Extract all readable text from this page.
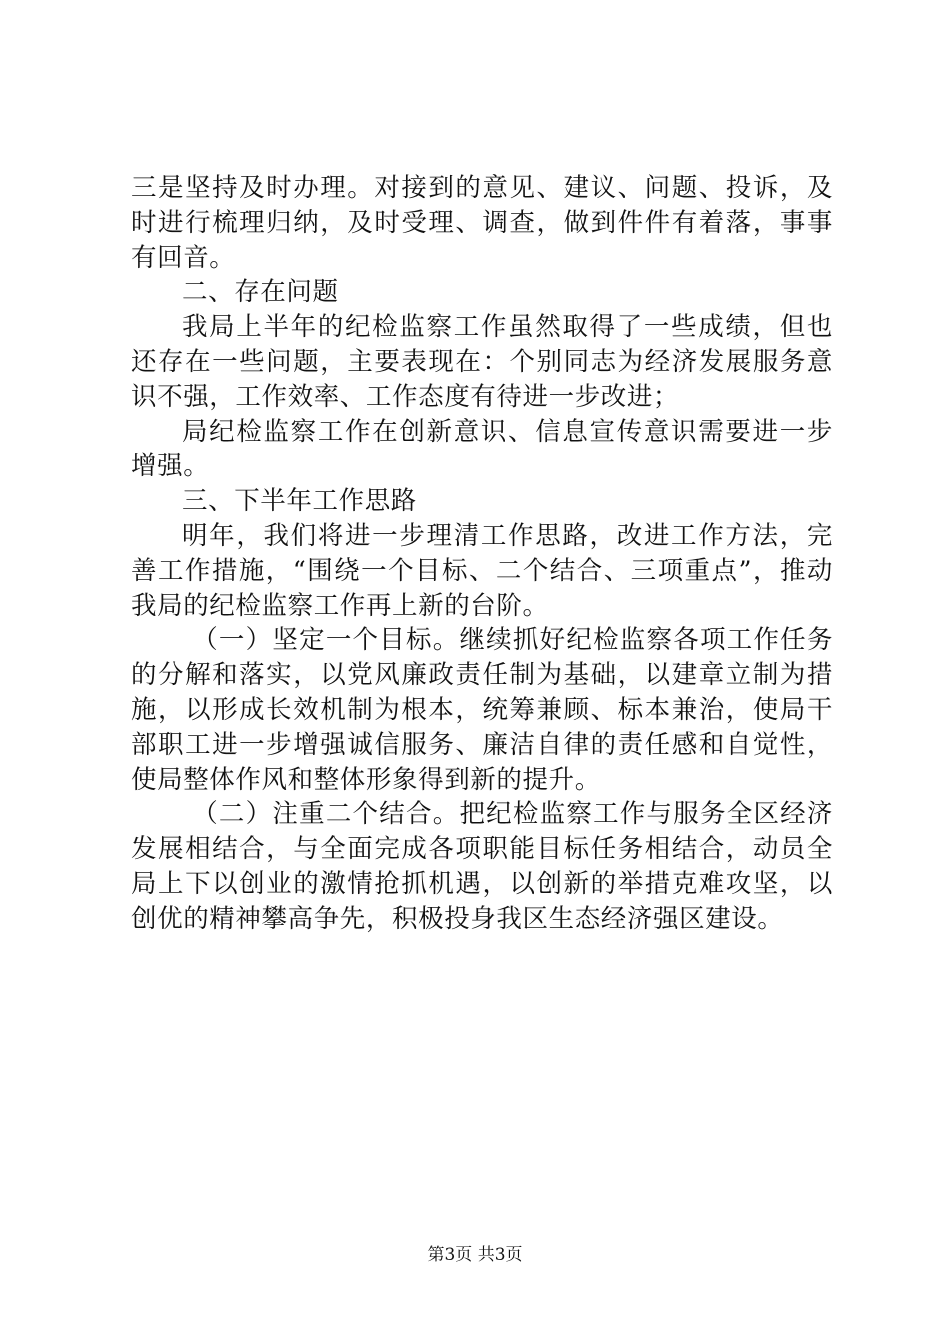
三是坚持及时办理。对接到的意见、建议、问题、投诉，及时进行梳理归纳，及时受理、调查，做到件件有着落，事事有回音。

二、存在问题

我局上半年的纪检监察工作虽然取得了一些成绩，但也还存在一些问题，主要表现在：个别同志为经济发展服务意识不强，工作效率、工作态度有待进一步改进；

局纪检监察工作在创新意识、信息宣传意识需要进一步增强。

三、下半年工作思路

明年，我们将进一步理清工作思路，改进工作方法，完善工作措施，“围绕一个目标、二个结合、三项重点”，推动我局的纪检监察工作再上新的台阶。

（一）坚定一个目标。继续抓好纪检监察各项工作任务的分解和落实，以党风廉政责任制为基础，以建章立制为措施，以形成长效机制为根本，统筹兼顾、标本兼治，使局干部职工进一步增强诚信服务、廉洁自律的责任感和自觉性，使局整体作风和整体形象得到新的提升。

（二）注重二个结合。把纪检监察工作与服务全区经济发展相结合，与全面完成各项职能目标任务相结合，动员全局上下以创业的激情抢抓机遇，以创新的举措克难攻坚，以创优的精神攀高争先，积极投身我区生态经济强区建设。

第3页 共3页
